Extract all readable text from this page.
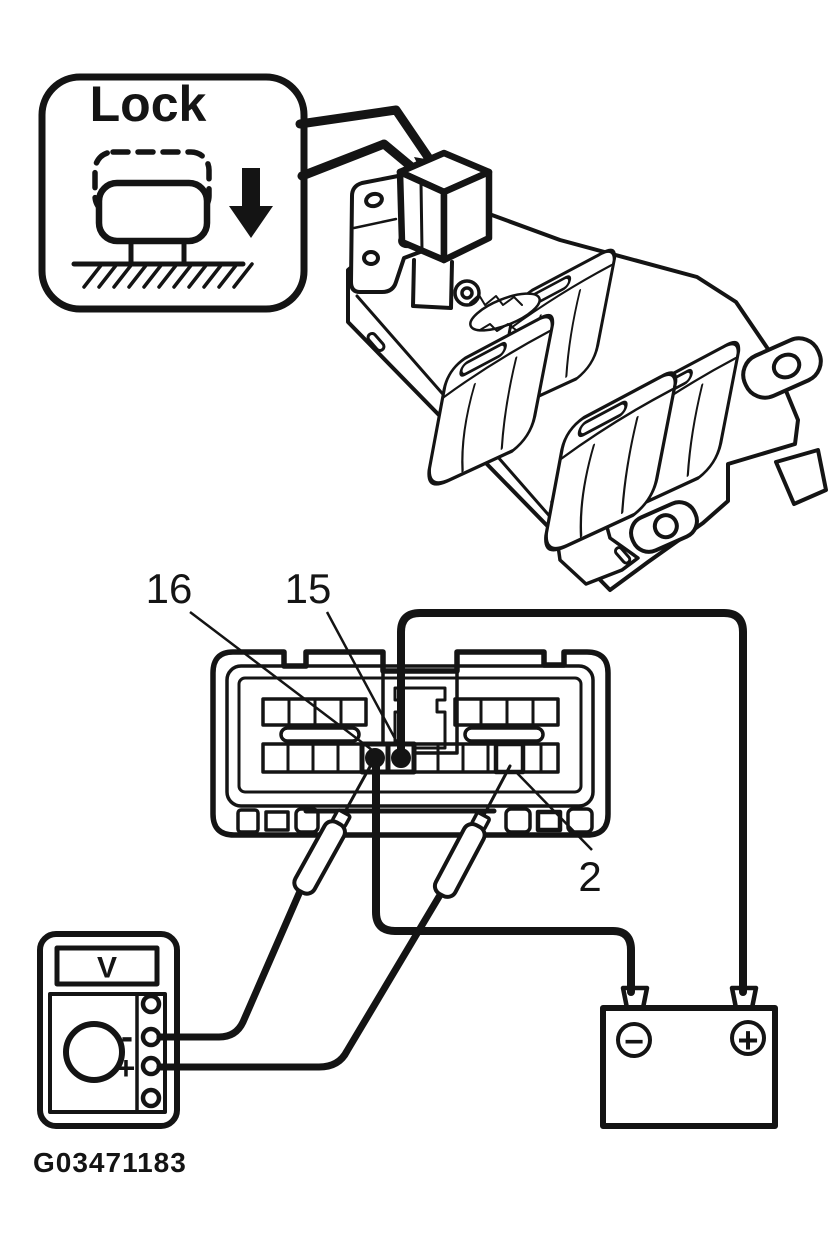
Lock
−	+
V
-
+
16 15
2
G03471183
